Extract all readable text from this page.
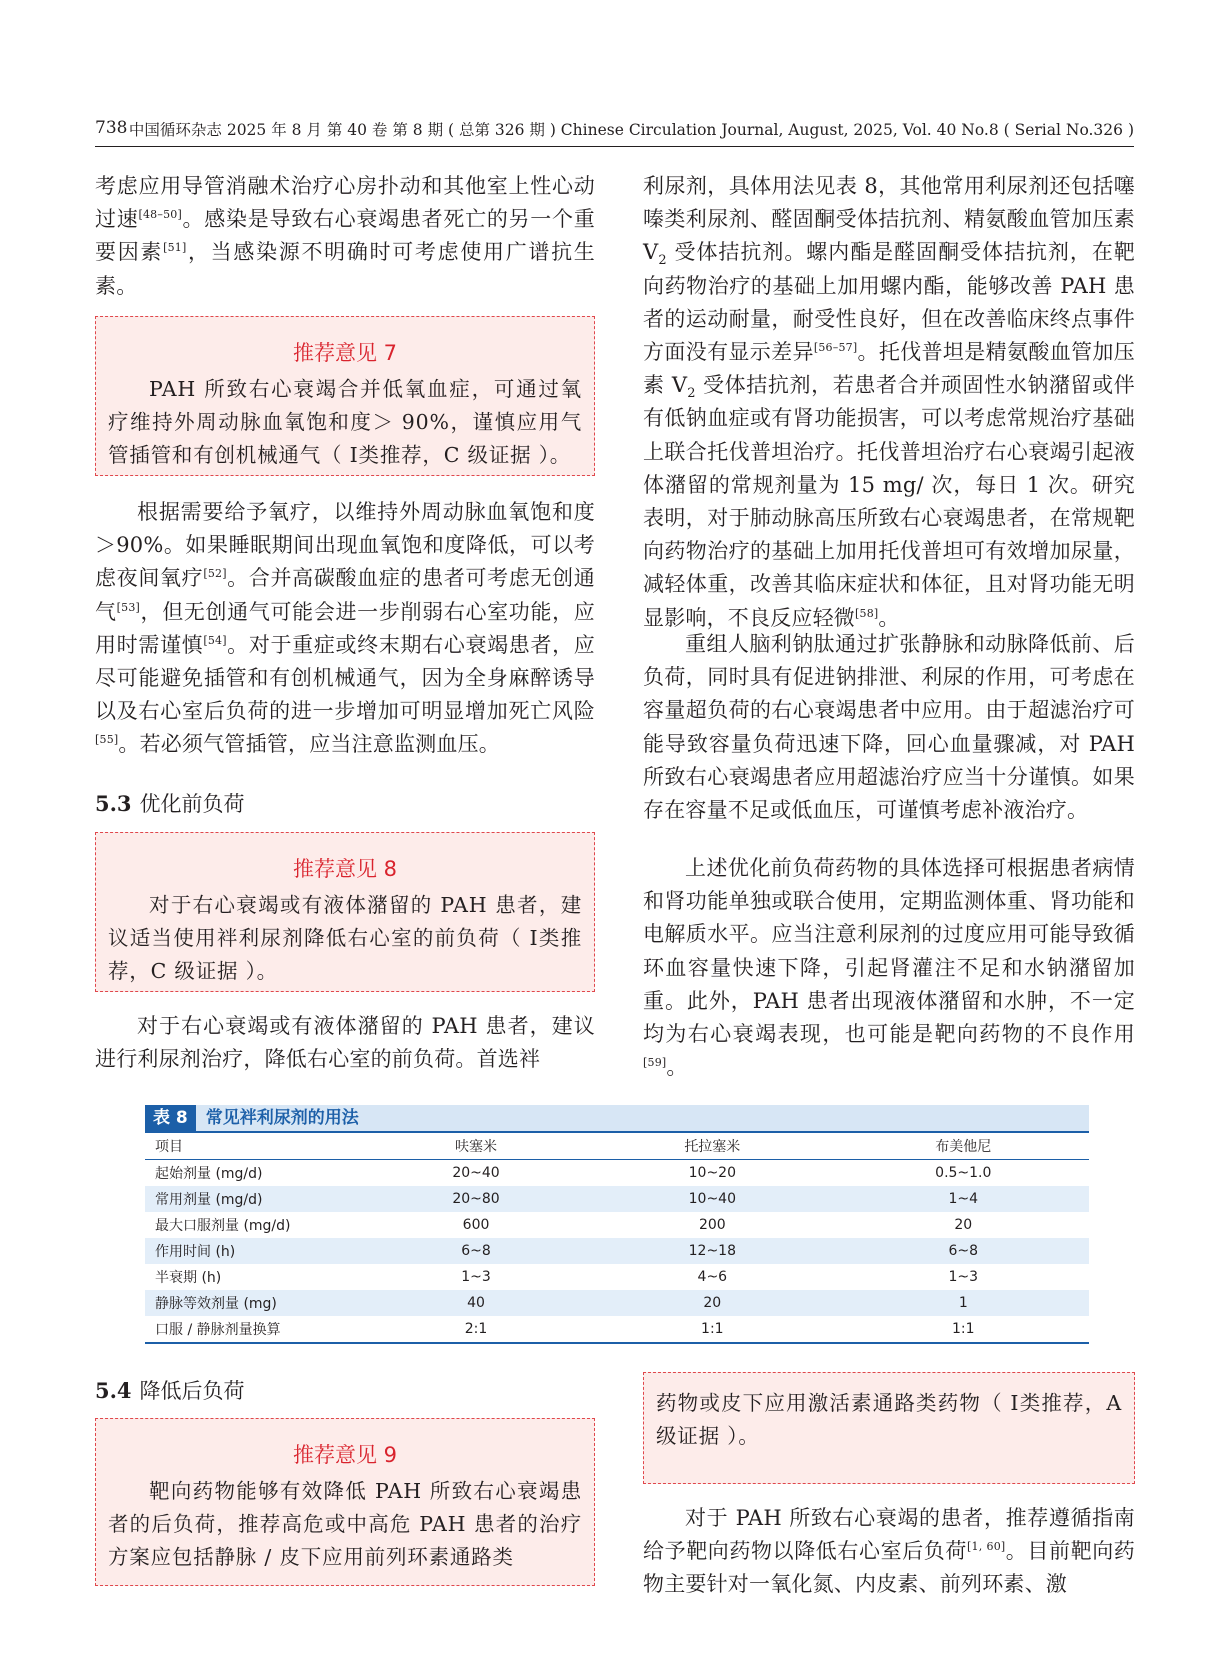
738 中国循环杂志 2025 年 8 月 第 40 卷 第 8 期 ( 总第 326 期 ) Chinese Circulation Journal, August, 2025, Vol. 40 No.8 ( Serial No.326 )

考虑应用导管消融术治疗心房扑动和其他室上性心动过速[48–50]。感染是导致右心衰竭患者死亡的另一个重要因素[51]，当感染源不明确时可考虑使用广谱抗生素。

推荐意见 7

PAH 所致右心衰竭合并低氧血症，可通过氧疗维持外周动脉血氧饱和度＞ 90%，谨慎应用气管插管和有创机械通气（ Ⅰ类推荐，C 级证据 ）。

根据需要给予氧疗，以维持外周动脉血氧饱和度＞90%。如果睡眠期间出现血氧饱和度降低，可以考虑夜间氧疗[52]。合并高碳酸血症的患者可考虑无创通气[53]，但无创通气可能会进一步削弱右心室功能，应用时需谨慎[54]。对于重症或终末期右心衰竭患者，应尽可能避免插管和有创机械通气，因为全身麻醉诱导以及右心室后负荷的进一步增加可明显增加死亡风险[55]。若必须气管插管，应当注意监测血压。

5.3 优化前负荷

推荐意见 8

对于右心衰竭或有液体潴留的 PAH 患者，建议适当使用袢利尿剂降低右心室的前负荷（ Ⅰ类推荐，C 级证据 ）。

对于右心衰竭或有液体潴留的 PAH 患者，建议进行利尿剂治疗，降低右心室的前负荷。首选袢

利尿剂，具体用法见表 8，其他常用利尿剂还包括噻嗪类利尿剂、醛固酮受体拮抗剂、精氨酸血管加压素 $V_2$ 受体拮抗剂。螺内酯是醛固酮受体拮抗剂，在靶向药物治疗的基础上加用螺内酯，能够改善 PAH 患者的运动耐量，耐受性良好，但在改善临床终点事件方面没有显示差异[56–57]。托伐普坦是精氨酸血管加压素 $V_2$ 受体拮抗剂，若患者合并顽固性水钠潴留或伴有低钠血症或有肾功能损害，可以考虑常规治疗基础上联合托伐普坦治疗。托伐普坦治疗右心衰竭引起液体潴留的常规剂量为 15 mg/ 次，每日 1 次。研究表明，对于肺动脉高压所致右心衰竭患者，在常规靶向药物治疗的基础上加用托伐普坦可有效增加尿量，减轻体重，改善其临床症状和体征，且对肾功能无明显影响，不良反应轻微[58]。

重组人脑利钠肽通过扩张静脉和动脉降低前、后负荷，同时具有促进钠排泄、利尿的作用，可考虑在容量超负荷的右心衰竭患者中应用。由于超滤治疗可能导致容量负荷迅速下降，回心血量骤减，对 PAH 所致右心衰竭患者应用超滤治疗应当十分谨慎。如果存在容量不足或低血压，可谨慎考虑补液治疗。

上述优化前负荷药物的具体选择可根据患者病情和肾功能单独或联合使用，定期监测体重、肾功能和电解质水平。应当注意利尿剂的过度应用可能导致循环血容量快速下降，引起肾灌注不足和水钠潴留加重。此外，PAH 患者出现液体潴留和水肿，不一定均为右心衰竭表现，也可能是靶向药物的不良作用[59]。

表 8	常见袢利尿剂的用法
项目	呋塞米	托拉塞米	布美他尼
起始剂量 (mg/d)	20~40	10~20	0.5~1.0
常用剂量 (mg/d)	20~80	10~40	1~4
最大口服剂量 (mg/d)	600	200	20
作用时间 (h)	6~8	12~18	6~8
半衰期 (h)	1~3	4~6	1~3
静脉等效剂量 (mg)	40	20	1
口服 / 静脉剂量换算	2:1	1:1	1:1

5.4 降低后负荷

推荐意见 9

靶向药物能够有效降低 PAH 所致右心衰竭患者的后负荷，推荐高危或中高危 PAH 患者的治疗方案应包括静脉 / 皮下应用前列环素通路类

药物或皮下应用激活素通路类药物（ Ⅰ类推荐，A 级证据 ）。

对于 PAH 所致右心衰竭的患者，推荐遵循指南给予靶向药物以降低右心室后负荷[1, 60]。目前靶向药物主要针对一氧化氮、内皮素、前列环素、激
